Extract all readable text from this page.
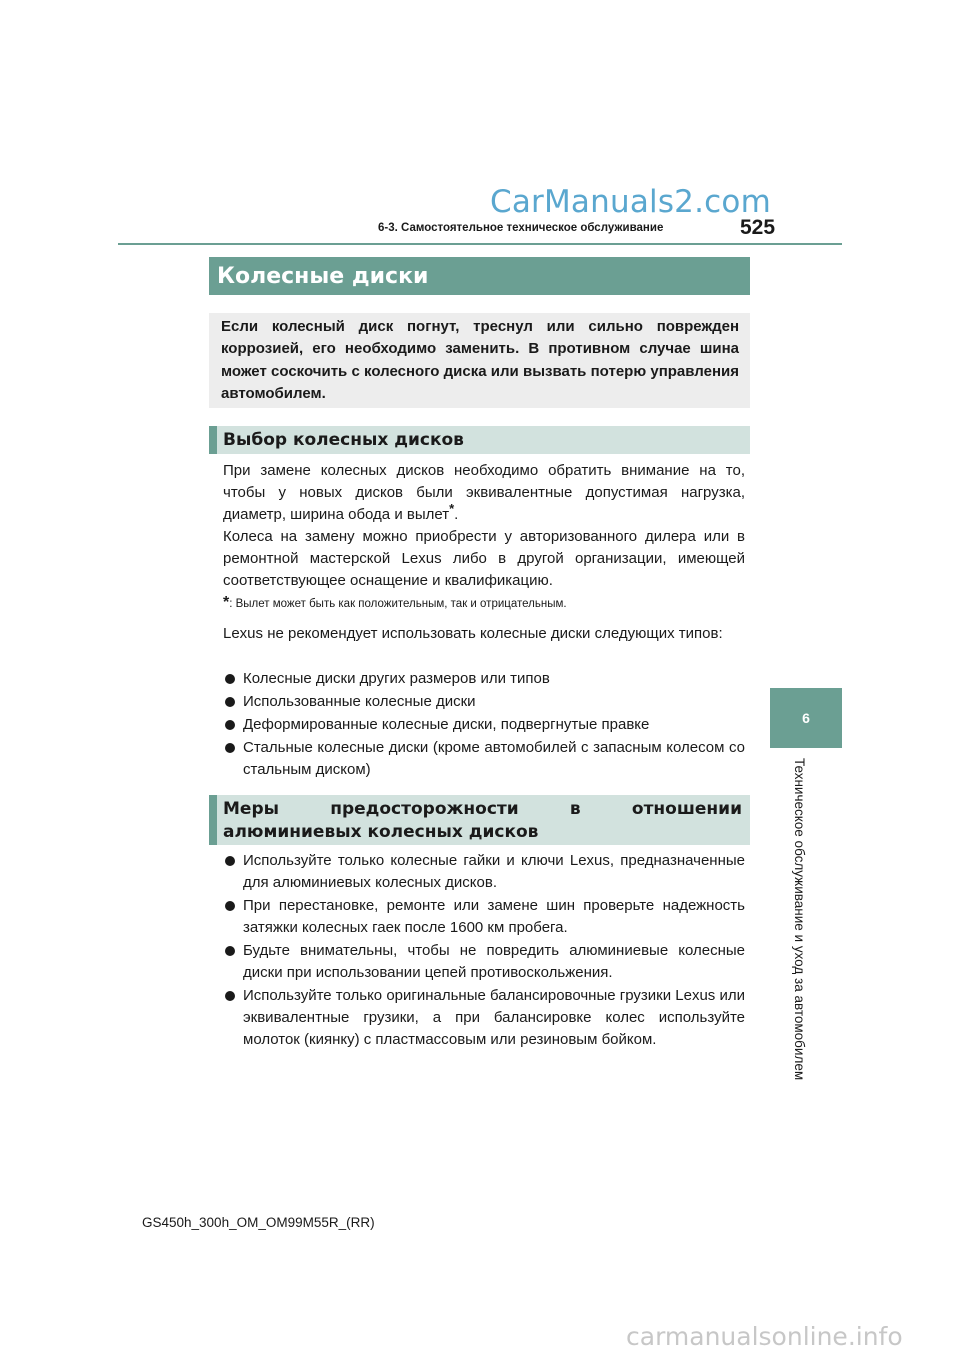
CarManuals2.com
6-3. Самостоятельное техническое обслуживание	525
6
Техническое обслуживание и уход за автомобилем
Колесные диски
Если колесный диск погнут, треснул или сильно поврежден коррозией, его необходимо заменить. В противном случае шина может соскочить с колесного диска или вызвать потерю управления автомобилем.
Выбор колесных дисков
При замене колесных дисков необходимо обратить внимание на то, чтобы у новых дисков были эквивалентные допустимая нагрузка, диаметр, ширина обода и вылет*.
Колеса на замену можно приобрести у авторизованного дилера или в ремонтной мастерской Lexus либо в другой организации, имеющей соответствующее оснащение и квалификацию.
*: Вылет может быть как положительным, так и отрицательным.
Lexus не рекомендует использовать колесные диски следующих типов:
Колесные диски других размеров или типов
Использованные колесные диски
Деформированные колесные диски, подвергнутые правке
Стальные колесные диски (кроме автомобилей с запасным колесом со стальным диском)
Меры предосторожности в отношении алюминиевых колесных дисков
Используйте только колесные гайки и ключи Lexus, предназначенные для алюминиевых колесных дисков.
При перестановке, ремонте или замене шин проверьте надежность затяжки колесных гаек после 1600 км пробега.
Будьте внимательны, чтобы не повредить алюминиевые колесные диски при использовании цепей противоскольжения.
Используйте только оригинальные балансировочные грузики Lexus или эквивалентные грузики, а при балансировке колес используйте молоток (киянку) с пластмассовым или резиновым бойком.
GS450h_300h_OM_OM99M55R_(RR)
carmanualsonline.info
